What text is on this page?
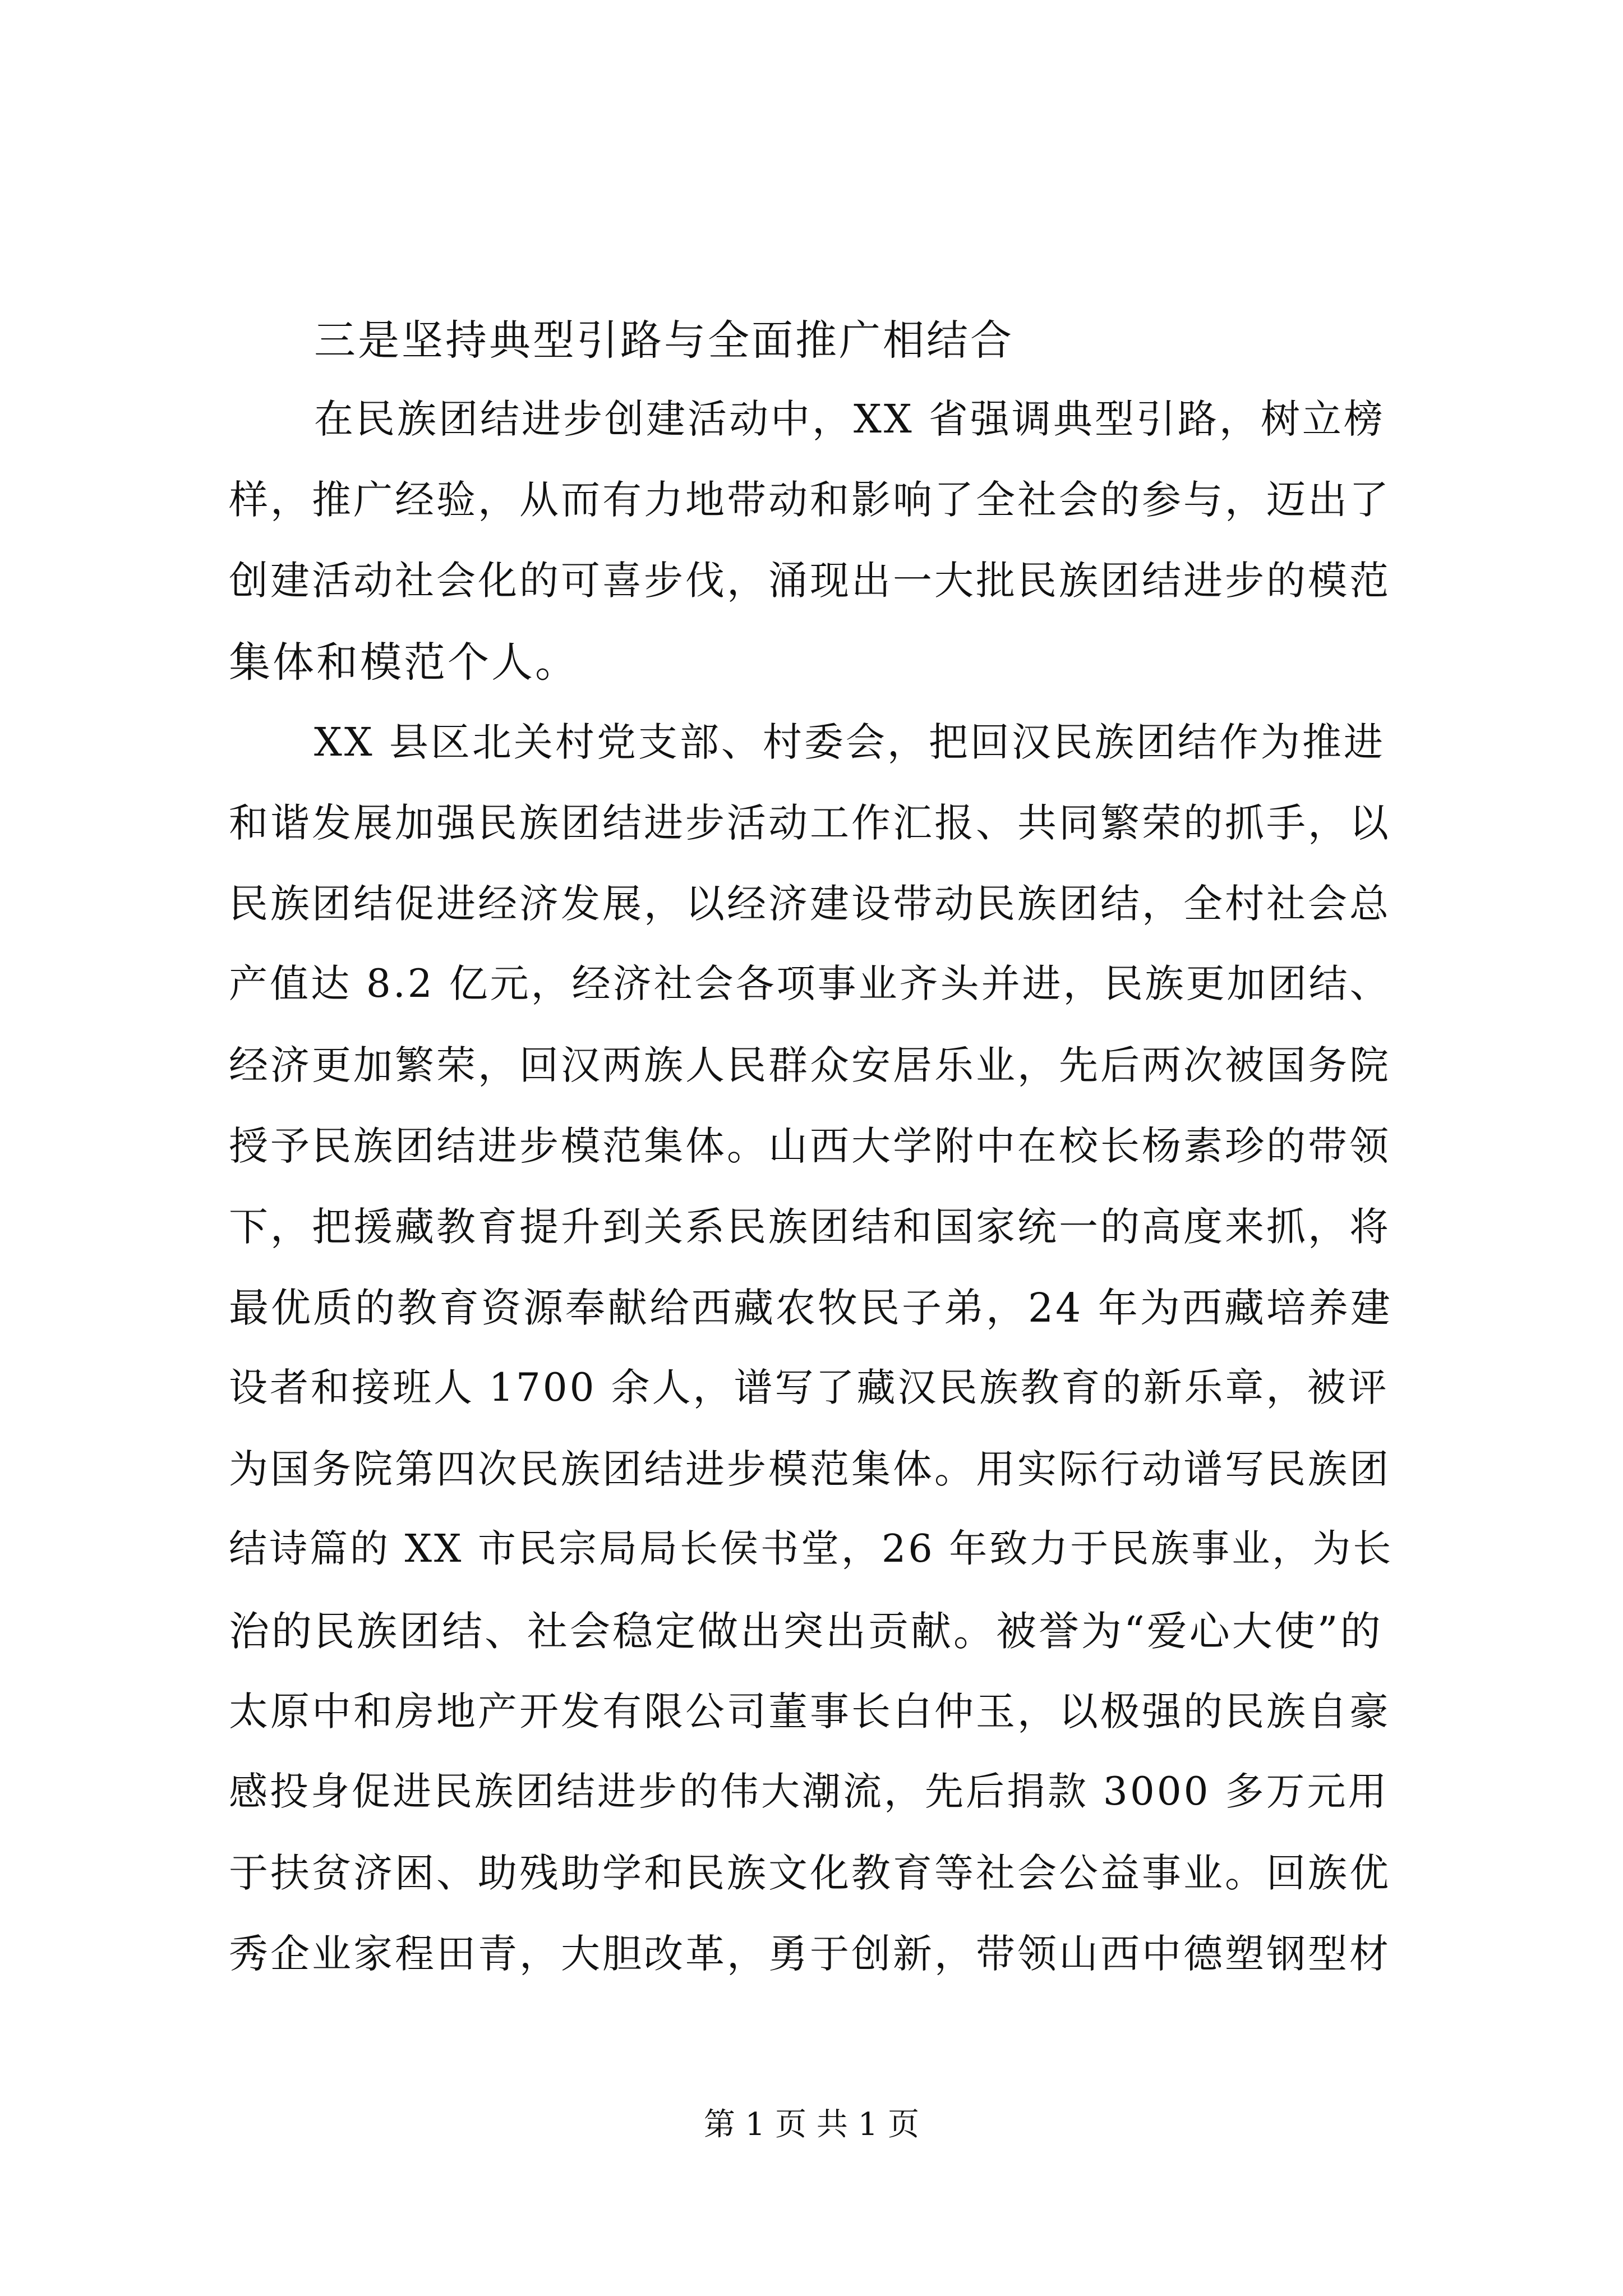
三是坚持典型引路与全面推广相结合
在民族团结进步创建活动中，XX 省强调典型引路，树立榜
样，推广经验，从而有力地带动和影响了全社会的参与，迈出了
创建活动社会化的可喜步伐，涌现出一大批民族团结进步的模范
集体和模范个人。
XX 县区北关村党支部、村委会，把回汉民族团结作为推进
和谐发展加强民族团结进步活动工作汇报、共同繁荣的抓手，以
民族团结促进经济发展，以经济建设带动民族团结，全村社会总
产值达 8.2 亿元，经济社会各项事业齐头并进，民族更加团结、
经济更加繁荣，回汉两族人民群众安居乐业，先后两次被国务院
授予民族团结进步模范集体。山西大学附中在校长杨素珍的带领
下，把援藏教育提升到关系民族团结和国家统一的高度来抓，将
最优质的教育资源奉献给西藏农牧民子弟，24 年为西藏培养建
设者和接班人 1700 余人，谱写了藏汉民族教育的新乐章，被评
为国务院第四次民族团结进步模范集体。用实际行动谱写民族团
结诗篇的 XX 市民宗局局长侯书堂，26 年致力于民族事业，为长
治的民族团结、社会稳定做出突出贡献。被誉为“爱心大使”的
太原中和房地产开发有限公司董事长白仲玉，以极强的民族自豪
感投身促进民族团结进步的伟大潮流，先后捐款 3000 多万元用
于扶贫济困、助残助学和民族文化教育等社会公益事业。回族优
秀企业家程田青，大胆改革，勇于创新，带领山西中德塑钢型材
第 1 页 共 1 页
